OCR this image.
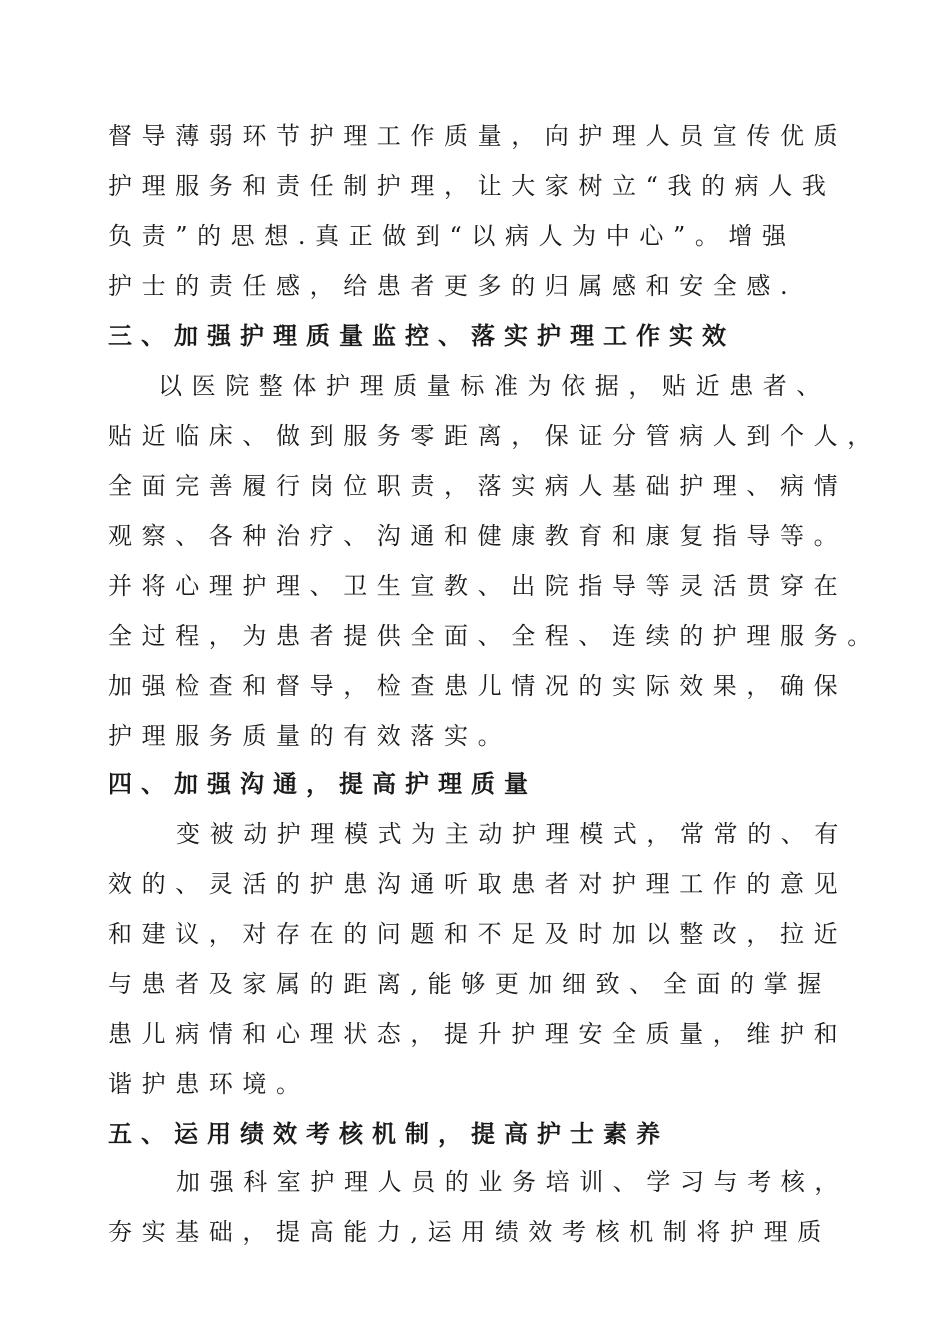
督导薄弱环节护理工作质量，向护理人员宣传优质
护理服务和责任制护理，让大家树立“我的病人我
负责”的思想.真正做到“以病人为中心”。增强
护士的责任感，给患者更多的归属感和安全感.
三、加强护理质量监控、落实护理工作实效
以医院整体护理质量标准为依据，贴近患者、
贴近临床、做到服务零距离，保证分管病人到个人，
全面完善履行岗位职责，落实病人基础护理、病情
观察、各种治疗、沟通和健康教育和康复指导等。
并将心理护理、卫生宣教、出院指导等灵活贯穿在
全过程，为患者提供全面、全程、连续的护理服务。
加强检查和督导，检查患儿情况的实际效果，确保
护理服务质量的有效落实。
四、加强沟通，提高护理质量
变被动护理模式为主动护理模式，常常的、有
效的、灵活的护患沟通听取患者对护理工作的意见
和建议，对存在的问题和不足及时加以整改，拉近
与患者及家属的距离,能够更加细致、全面的掌握
患儿病情和心理状态，提升护理安全质量，维护和
谐护患环境。
五、运用绩效考核机制，提高护士素养
加强科室护理人员的业务培训、学习与考核，
夯实基础，提高能力,运用绩效考核机制将护理质
